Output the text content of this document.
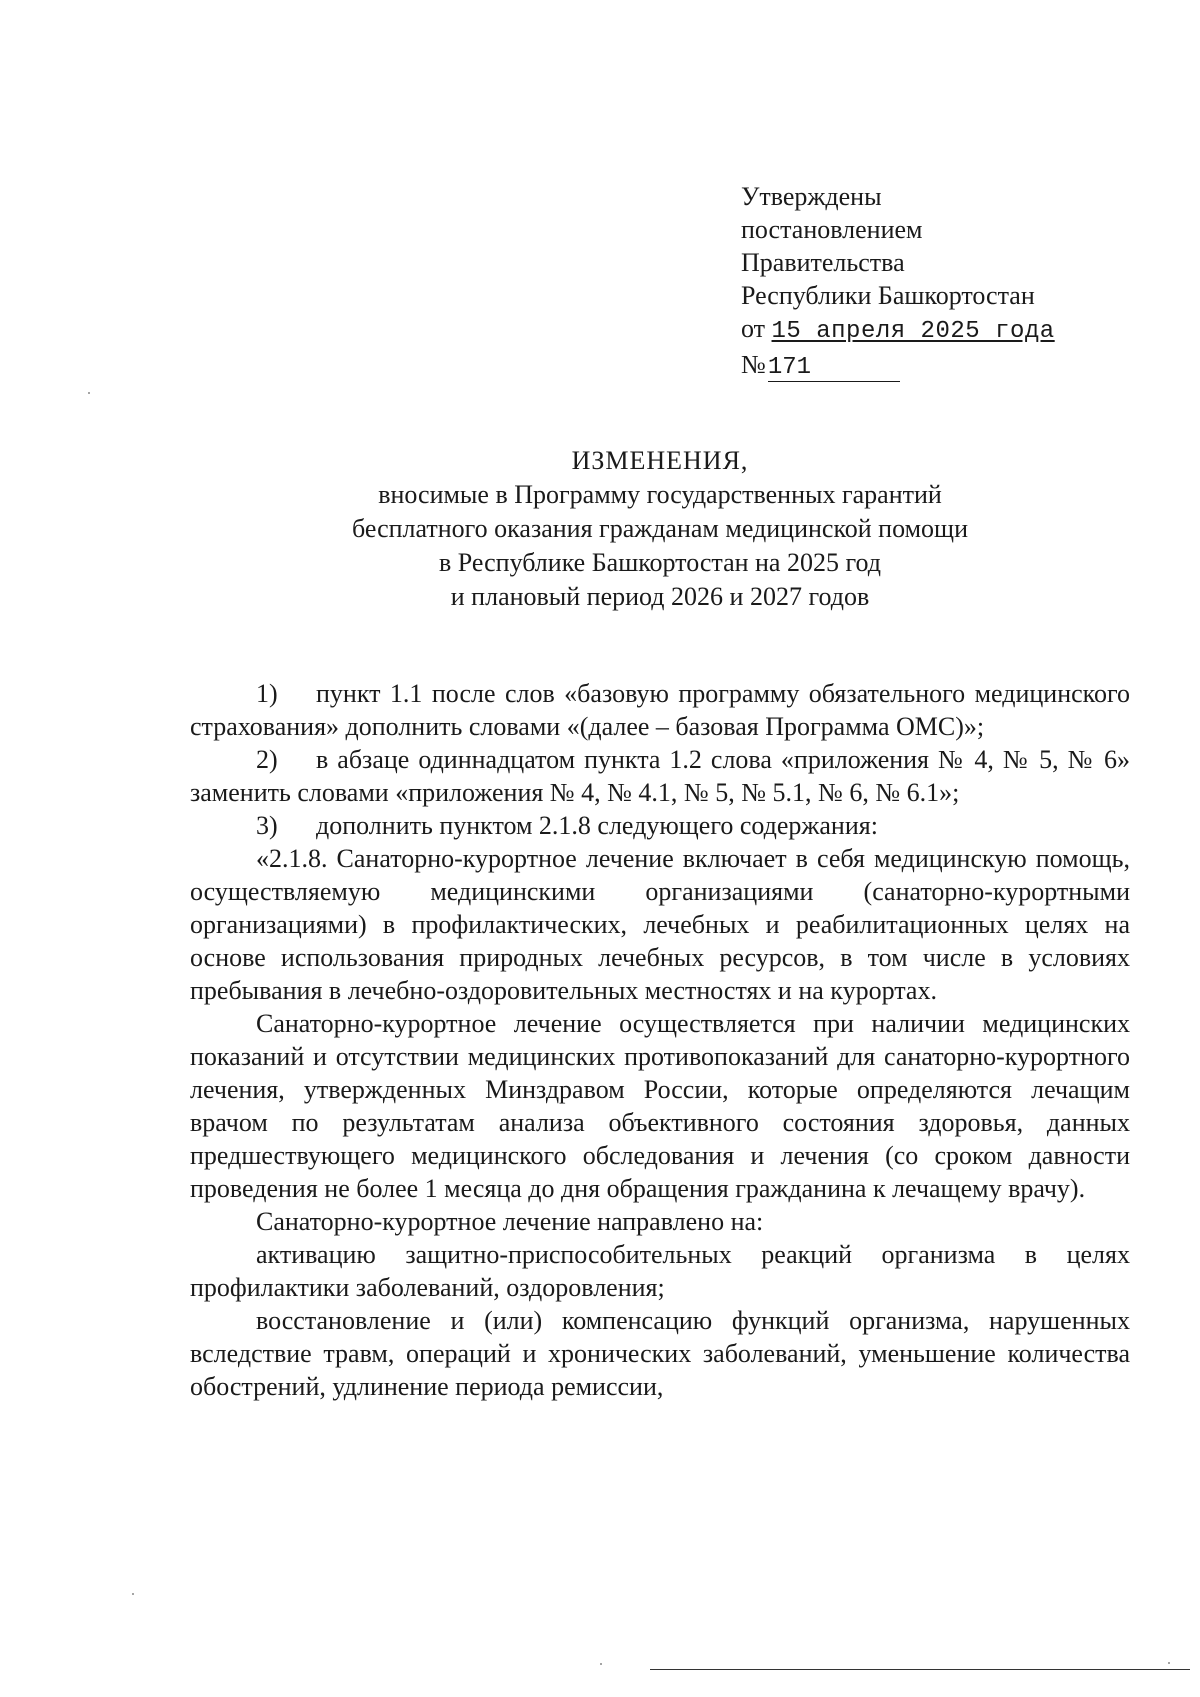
Утверждены
постановлением
Правительства
Республики Башкортостан
от 15 апреля 2025 года
№171
ИЗМЕНЕНИЯ,
вносимые в Программу государственных гарантий
бесплатного оказания гражданам медицинской помощи
в Республике Башкортостан на 2025 год
и плановый период 2026 и 2027 годов

1) пункт 1.1 после слов «базовую программу обязательного медицинского страхования» дополнить словами «(далее – базовая Программа ОМС)»;

2) в абзаце одиннадцатом пункта 1.2 слова «приложения № 4, № 5, № 6» заменить словами «приложения № 4, № 4.1, № 5, № 5.1, № 6, № 6.1»;

3) дополнить пунктом 2.1.8 следующего содержания:

«2.1.8. Санаторно-курортное лечение включает в себя медицинскую помощь, осуществляемую медицинскими организациями (санаторно-курортными организациями) в профилактических, лечебных и реабилитационных целях на основе использования природных лечебных ресурсов, в том числе в условиях пребывания в лечебно-оздоровительных местностях и на курортах.

Санаторно-курортное лечение осуществляется при наличии медицинских показаний и отсутствии медицинских противопоказаний для санаторно-курортного лечения, утвержденных Минздравом России, которые определяются лечащим врачом по результатам анализа объективного состояния здоровья, данных предшествующего медицинского обследования и лечения (со сроком давности проведения не более 1 месяца до дня обращения гражданина к лечащему врачу).

Санаторно-курортное лечение направлено на:

активацию защитно-приспособительных реакций организма в целях профилактики заболеваний, оздоровления;

восстановление и (или) компенсацию функций организма, нарушенных вследствие травм, операций и хронических заболеваний, уменьшение количества обострений, удлинение периода ремиссии,
